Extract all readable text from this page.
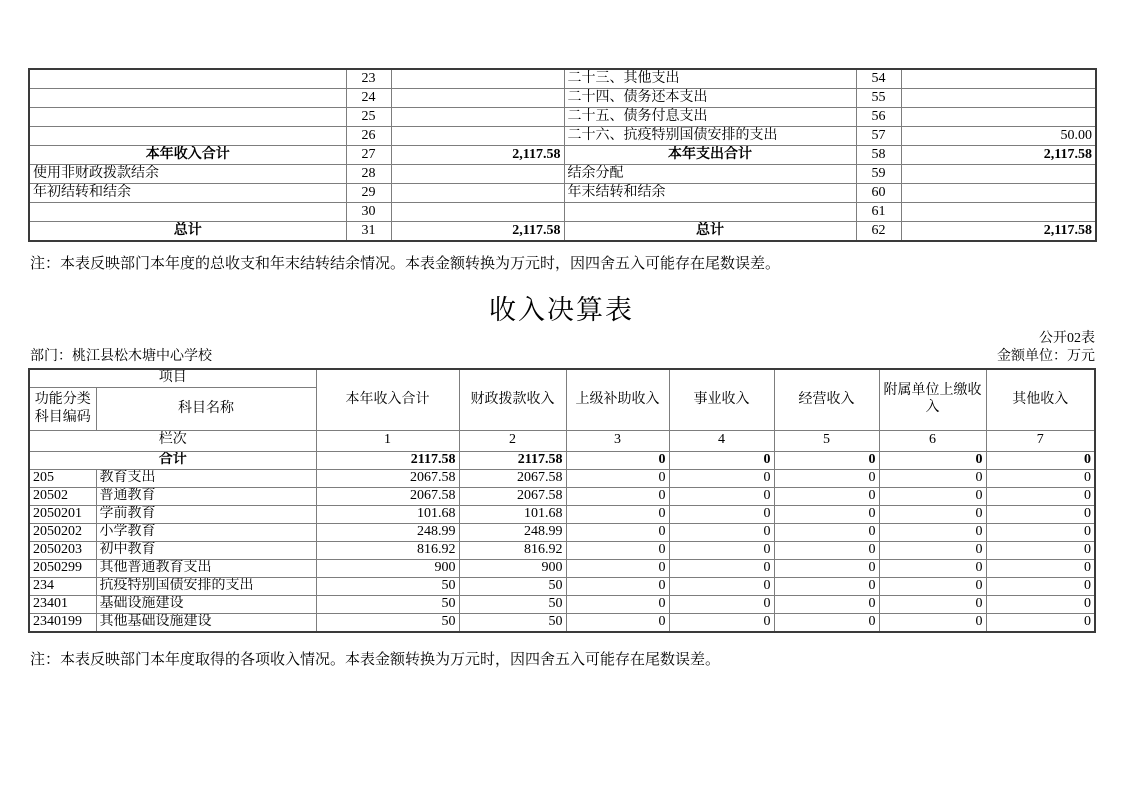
	23		二十三、其他支出	54	
	24		二十四、债务还本支出	55	
	25		二十五、债务付息支出	56	
	26		二十六、抗疫特别国债安排的支出	57	50.00
本年收入合计	27	2,117.58	本年支出合计	58	2,117.58
使用非财政拨款结余	28		结余分配	59	
年初结转和结余	29		年末结转和结余	60	
	30			61	
总计	31	2,117.58	总计	62	2,117.58
注：本表反映部门本年度的总收支和年末结转结余情况。本表金额转换为万元时，因四舍五入可能存在尾数误差。
收入决算表
公开02表
部门：桃江县松木塘中心学校	金额单位：万元
项目		本年收入合计	财政拨款收入	上级补助收入	事业收入	经营收入	附属单位上缴收入	其他收入
功能分类科目编码	科目名称							
栏次		1	2	3	4	5	6	7
合计		2117.58	2117.58	0	0	0	0	0
205	教育支出	2067.58	2067.58	0	0	0	0	0
20502	普通教育	2067.58	2067.58	0	0	0	0	0
2050201	学前教育	101.68	101.68	0	0	0	0	0
2050202	小学教育	248.99	248.99	0	0	0	0	0
2050203	初中教育	816.92	816.92	0	0	0	0	0
2050299	其他普通教育支出	900	900	0	0	0	0	0
234	抗疫特别国债安排的支出	50	50	0	0	0	0	0
23401	基础设施建设	50	50	0	0	0	0	0
2340199	其他基础设施建设	50	50	0	0	0	0	0
注：本表反映部门本年度取得的各项收入情况。本表金额转换为万元时，因四舍五入可能存在尾数误差。
